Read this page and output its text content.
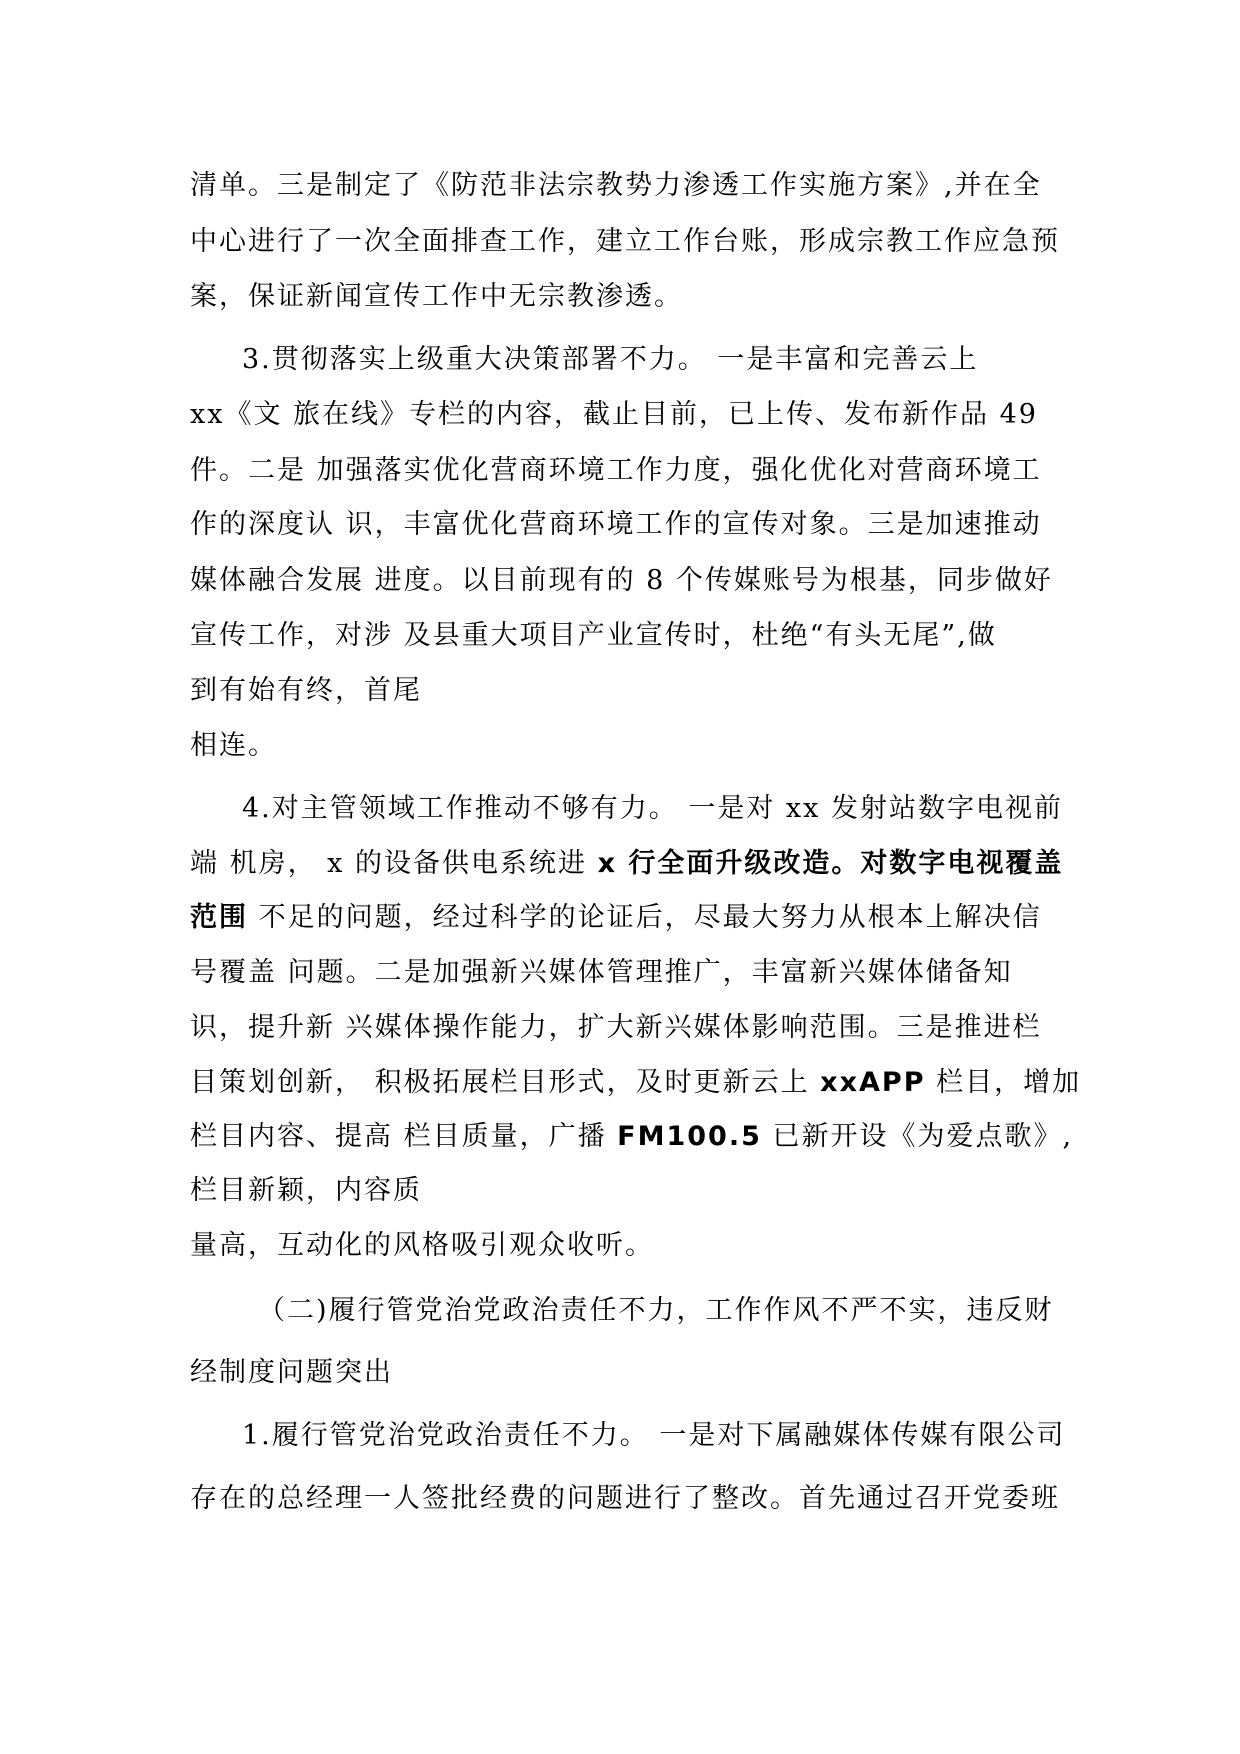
清单。三是制定了《防范非法宗教势力渗透工作实施方案》,并在全
中心进行了一次全面排查工作，建立工作台账，形成宗教工作应急预
案，保证新闻宣传工作中无宗教渗透。
3.贯彻落实上级重大决策部署不力。 一是丰富和完善云上
xx《文 旅在线》专栏的内容，截止目前，已上传、发布新作品 49
件。二是 加强落实优化营商环境工作力度，强化优化对营商环境工
作的深度认 识，丰富优化营商环境工作的宣传对象。三是加速推动
媒体融合发展 进度。以目前现有的 8 个传媒账号为根基，同步做好
宣传工作，对涉 及县重大项目产业宣传时，杜绝“有头无尾”,做
到有始有终，首尾
相连。
4.对主管领域工作推动不够有力。 一是对 xx 发射站数字电视前
端 机房， x 的设备供电系统进 x 行全面升级改造。对数字电视覆盖
范围 不足的问题，经过科学的论证后，尽最大努力从根本上解决信
号覆盖 问题。二是加强新兴媒体管理推广，丰富新兴媒体储备知
识，提升新 兴媒体操作能力，扩大新兴媒体影响范围。三是推进栏
目策划创新， 积极拓展栏目形式，及时更新云上 xxAPP 栏目，增加
栏目内容、提高 栏目质量，广播 FM100.5 已新开设《为爱点歌》,
栏目新颖，内容质
量高，互动化的风格吸引观众收听。
（二)履行管党治党政治责任不力，工作作风不严不实，违反财
经制度问题突出
1.履行管党治党政治责任不力。 一是对下属融媒体传媒有限公司
存在的总经理一人签批经费的问题进行了整改。首先通过召开党委班
